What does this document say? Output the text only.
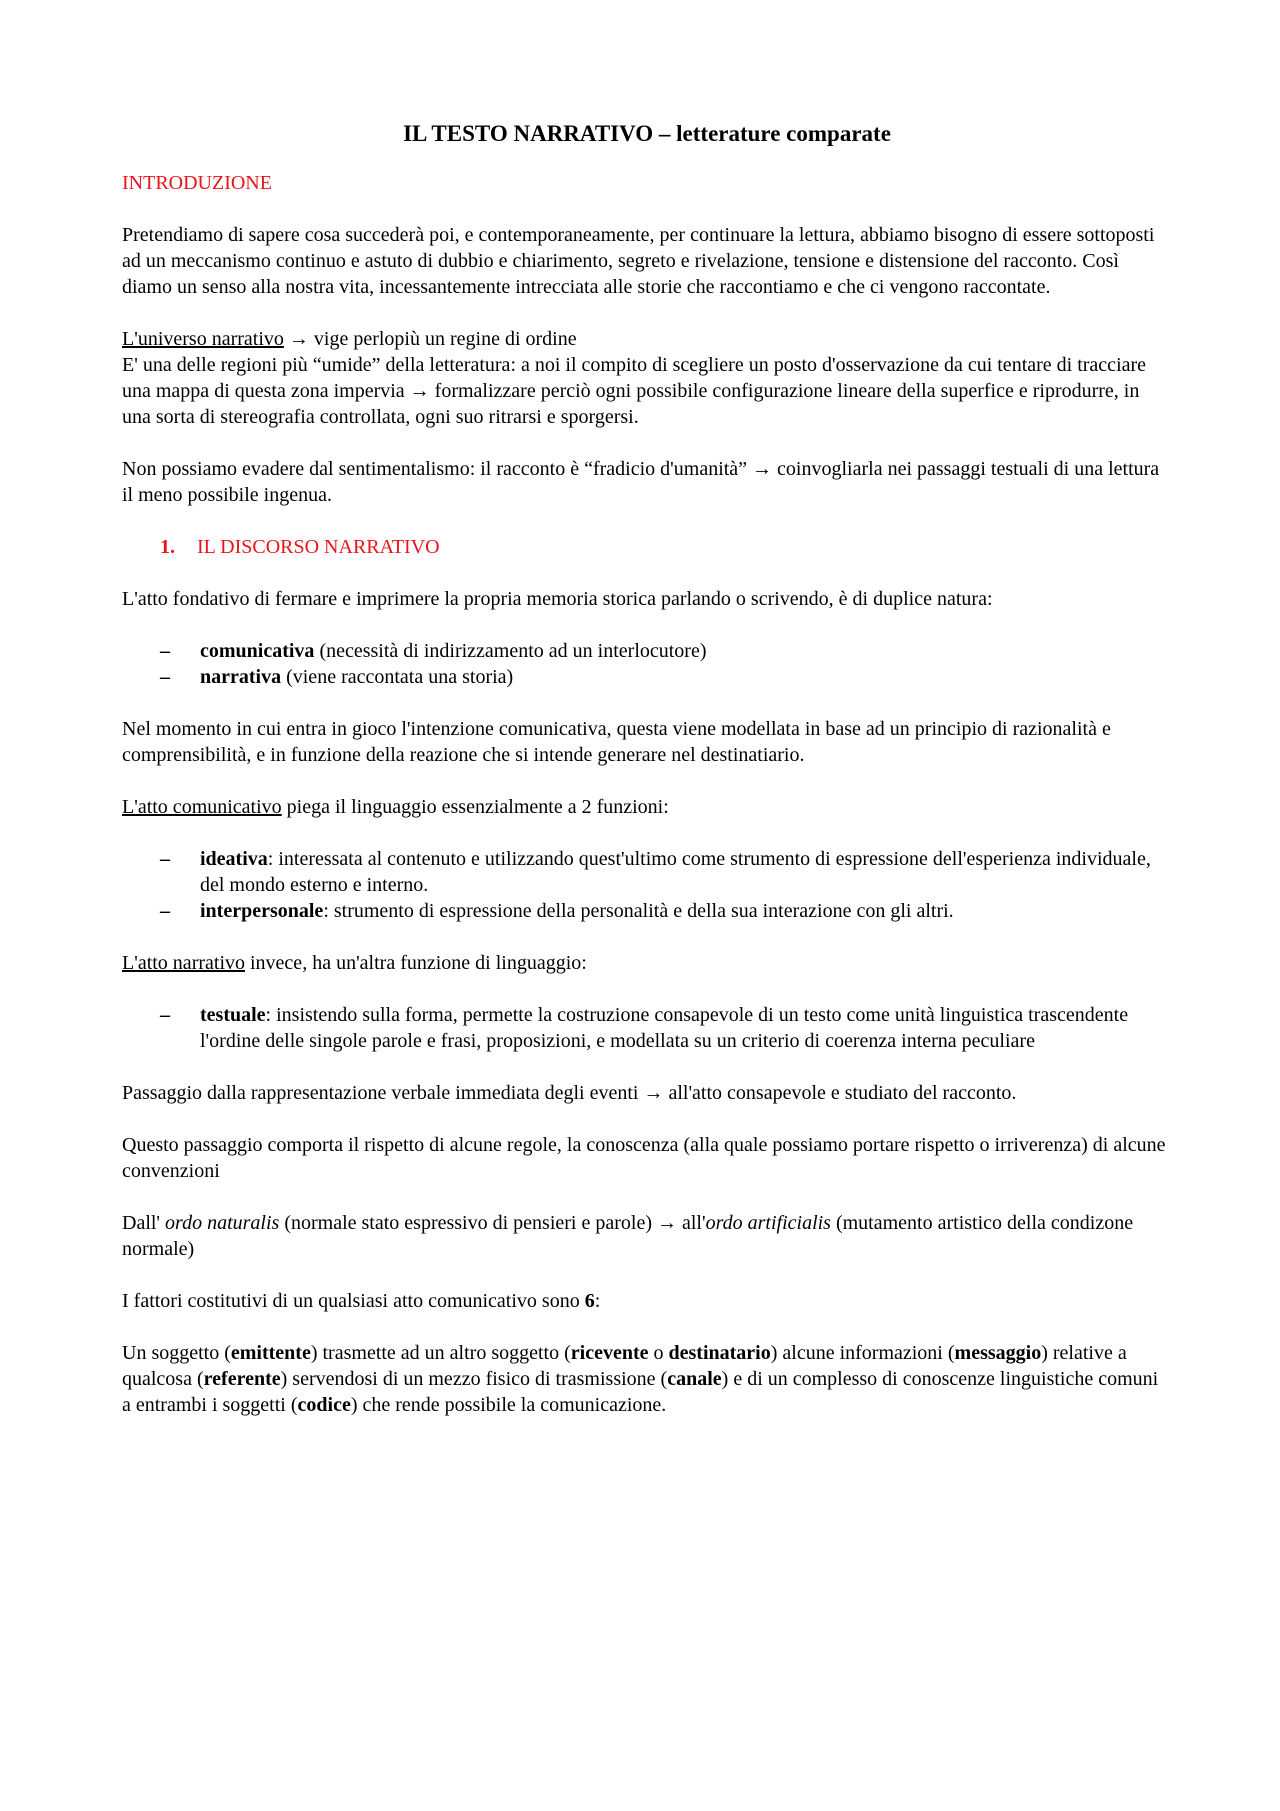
IL TESTO NARRATIVO – letterature comparate
INTRODUZIONE

Pretendiamo di sapere cosa succederà poi, e contemporaneamente, per continuare la lettura, abbiamo bisogno di essere sottoposti ad un meccanismo continuo e astuto di dubbio e chiarimento, segreto e rivelazione, tensione e distensione del racconto. Così diamo un senso alla nostra vita, incessantemente intrecciata alle storie che raccontiamo e che ci vengono raccontate.

L'universo narrativo → vige perlopiù un regine di ordine
E' una delle regioni più “umide” della letteratura: a noi il compito di scegliere un posto d'osservazione da cui tentare di tracciare una mappa di questa zona impervia → formalizzare perciò ogni possibile configurazione lineare della superfice e riprodurre, in una sorta di stereografia controllata, ogni suo ritrarsi e sporgersi.

Non possiamo evadere dal sentimentalismo: il racconto è “fradicio d'umanità” → coinvogliarla nei passaggi testuali di una lettura il meno possibile ingenua.

1. IL DISCORSO NARRATIVO

L'atto fondativo di fermare e imprimere la propria memoria storica parlando o scrivendo, è di duplice natura:

– comunicativa (necessità di indirizzamento ad un interlocutore)
– narrativa (viene raccontata una storia)

Nel momento in cui entra in gioco l'intenzione comunicativa, questa viene modellata in base ad un principio di razionalità e comprensibilità, e in funzione della reazione che si intende generare nel destinatiario.

L'atto comunicativo piega il linguaggio essenzialmente a 2 funzioni:

– ideativa: interessata al contenuto e utilizzando quest'ultimo come strumento di espressione dell'esperienza individuale, del mondo esterno e interno.
– interpersonale: strumento di espressione della personalità e della sua interazione con gli altri.

L'atto narrativo invece, ha un'altra funzione di linguaggio:

– testuale: insistendo sulla forma, permette la costruzione consapevole di un testo come unità linguistica trascendente l'ordine delle singole parole e frasi, proposizioni, e modellata su un criterio di coerenza interna peculiare

Passaggio dalla rappresentazione verbale immediata degli eventi → all'atto consapevole e studiato del racconto.

Questo passaggio comporta il rispetto di alcune regole, la conoscenza (alla quale possiamo portare rispetto o irriverenza) di alcune convenzioni

Dall' ordo naturalis (normale stato espressivo di pensieri e parole) → all'ordo artificialis (mutamento artistico della condizone normale)

I fattori costitutivi di un qualsiasi atto comunicativo sono 6:

Un soggetto (emittente) trasmette ad un altro soggetto (ricevente o destinatario) alcune informazioni (messaggio) relative a qualcosa (referente) servendosi di un mezzo fisico di trasmissione (canale) e di un complesso di conoscenze linguistiche comuni a entrambi i soggetti (codice) che rende possibile la comunicazione.
